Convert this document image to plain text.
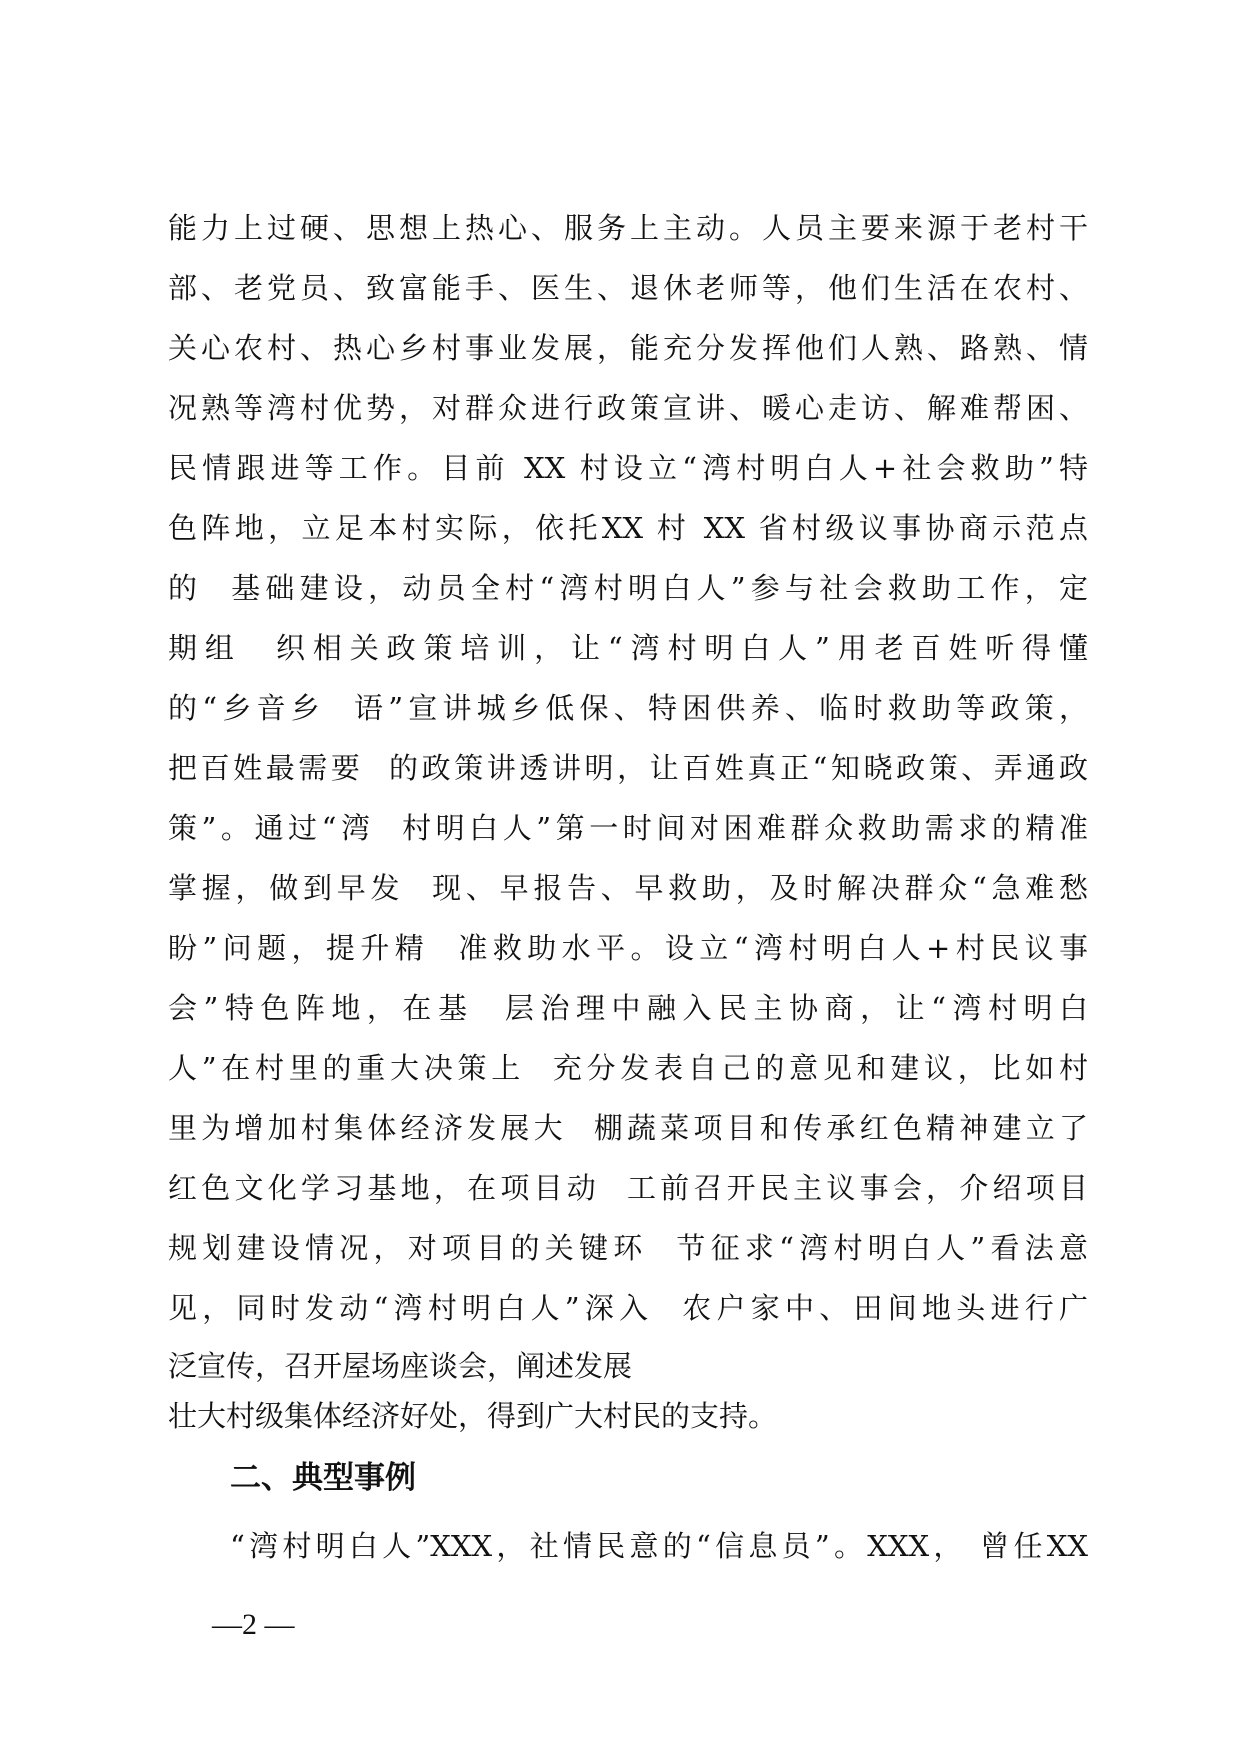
能力上过硬、思想上热心、服务上主动。人员主要来源于老村干
部、老党员、致富能手、医生、退休老师等，他们生活在农村、
关心农村、热心乡村事业发展，能充分发挥他们人熟、路熟、情
况熟等湾村优势，对群众进行政策宣讲、暖心走访、解难帮困、
民情跟进等工作。目前 XX 村设立“湾村明白人+社会救助”特
色阵地，立足本村实际，依托XX 村 XX 省村级议事协商示范点
的  基础建设，动员全村“湾村明白人”参与社会救助工作，定
期组  织相关政策培训，让“湾村明白人”用老百姓听得懂
的“乡音乡  语”宣讲城乡低保、特困供养、临时救助等政策，
把百姓最需要  的政策讲透讲明，让百姓真正“知晓政策、弄通政
策”。通过“湾  村明白人”第一时间对困难群众救助需求的精准
掌握，做到早发  现、早报告、早救助，及时解决群众“急难愁
盼”问题，提升精  准救助水平。设立“湾村明白人+村民议事
会”特色阵地，在基  层治理中融入民主协商，让“湾村明白
人”在村里的重大决策上  充分发表自己的意见和建议，比如村
里为增加村集体经济发展大  棚蔬菜项目和传承红色精神建立了
红色文化学习基地，在项目动  工前召开民主议事会，介绍项目
规划建设情况，对项目的关键环  节征求“湾村明白人”看法意
见，同时发动“湾村明白人”深入  农户家中、田间地头进行广
泛宣传，召开屋场座谈会，阐述发展
壮大村级集体经济好处，得到广大村民的支持。
二、典型事例
“湾村明白人”XXX，社情民意的“信息员”。XXX， 曾任XX
—2 —
